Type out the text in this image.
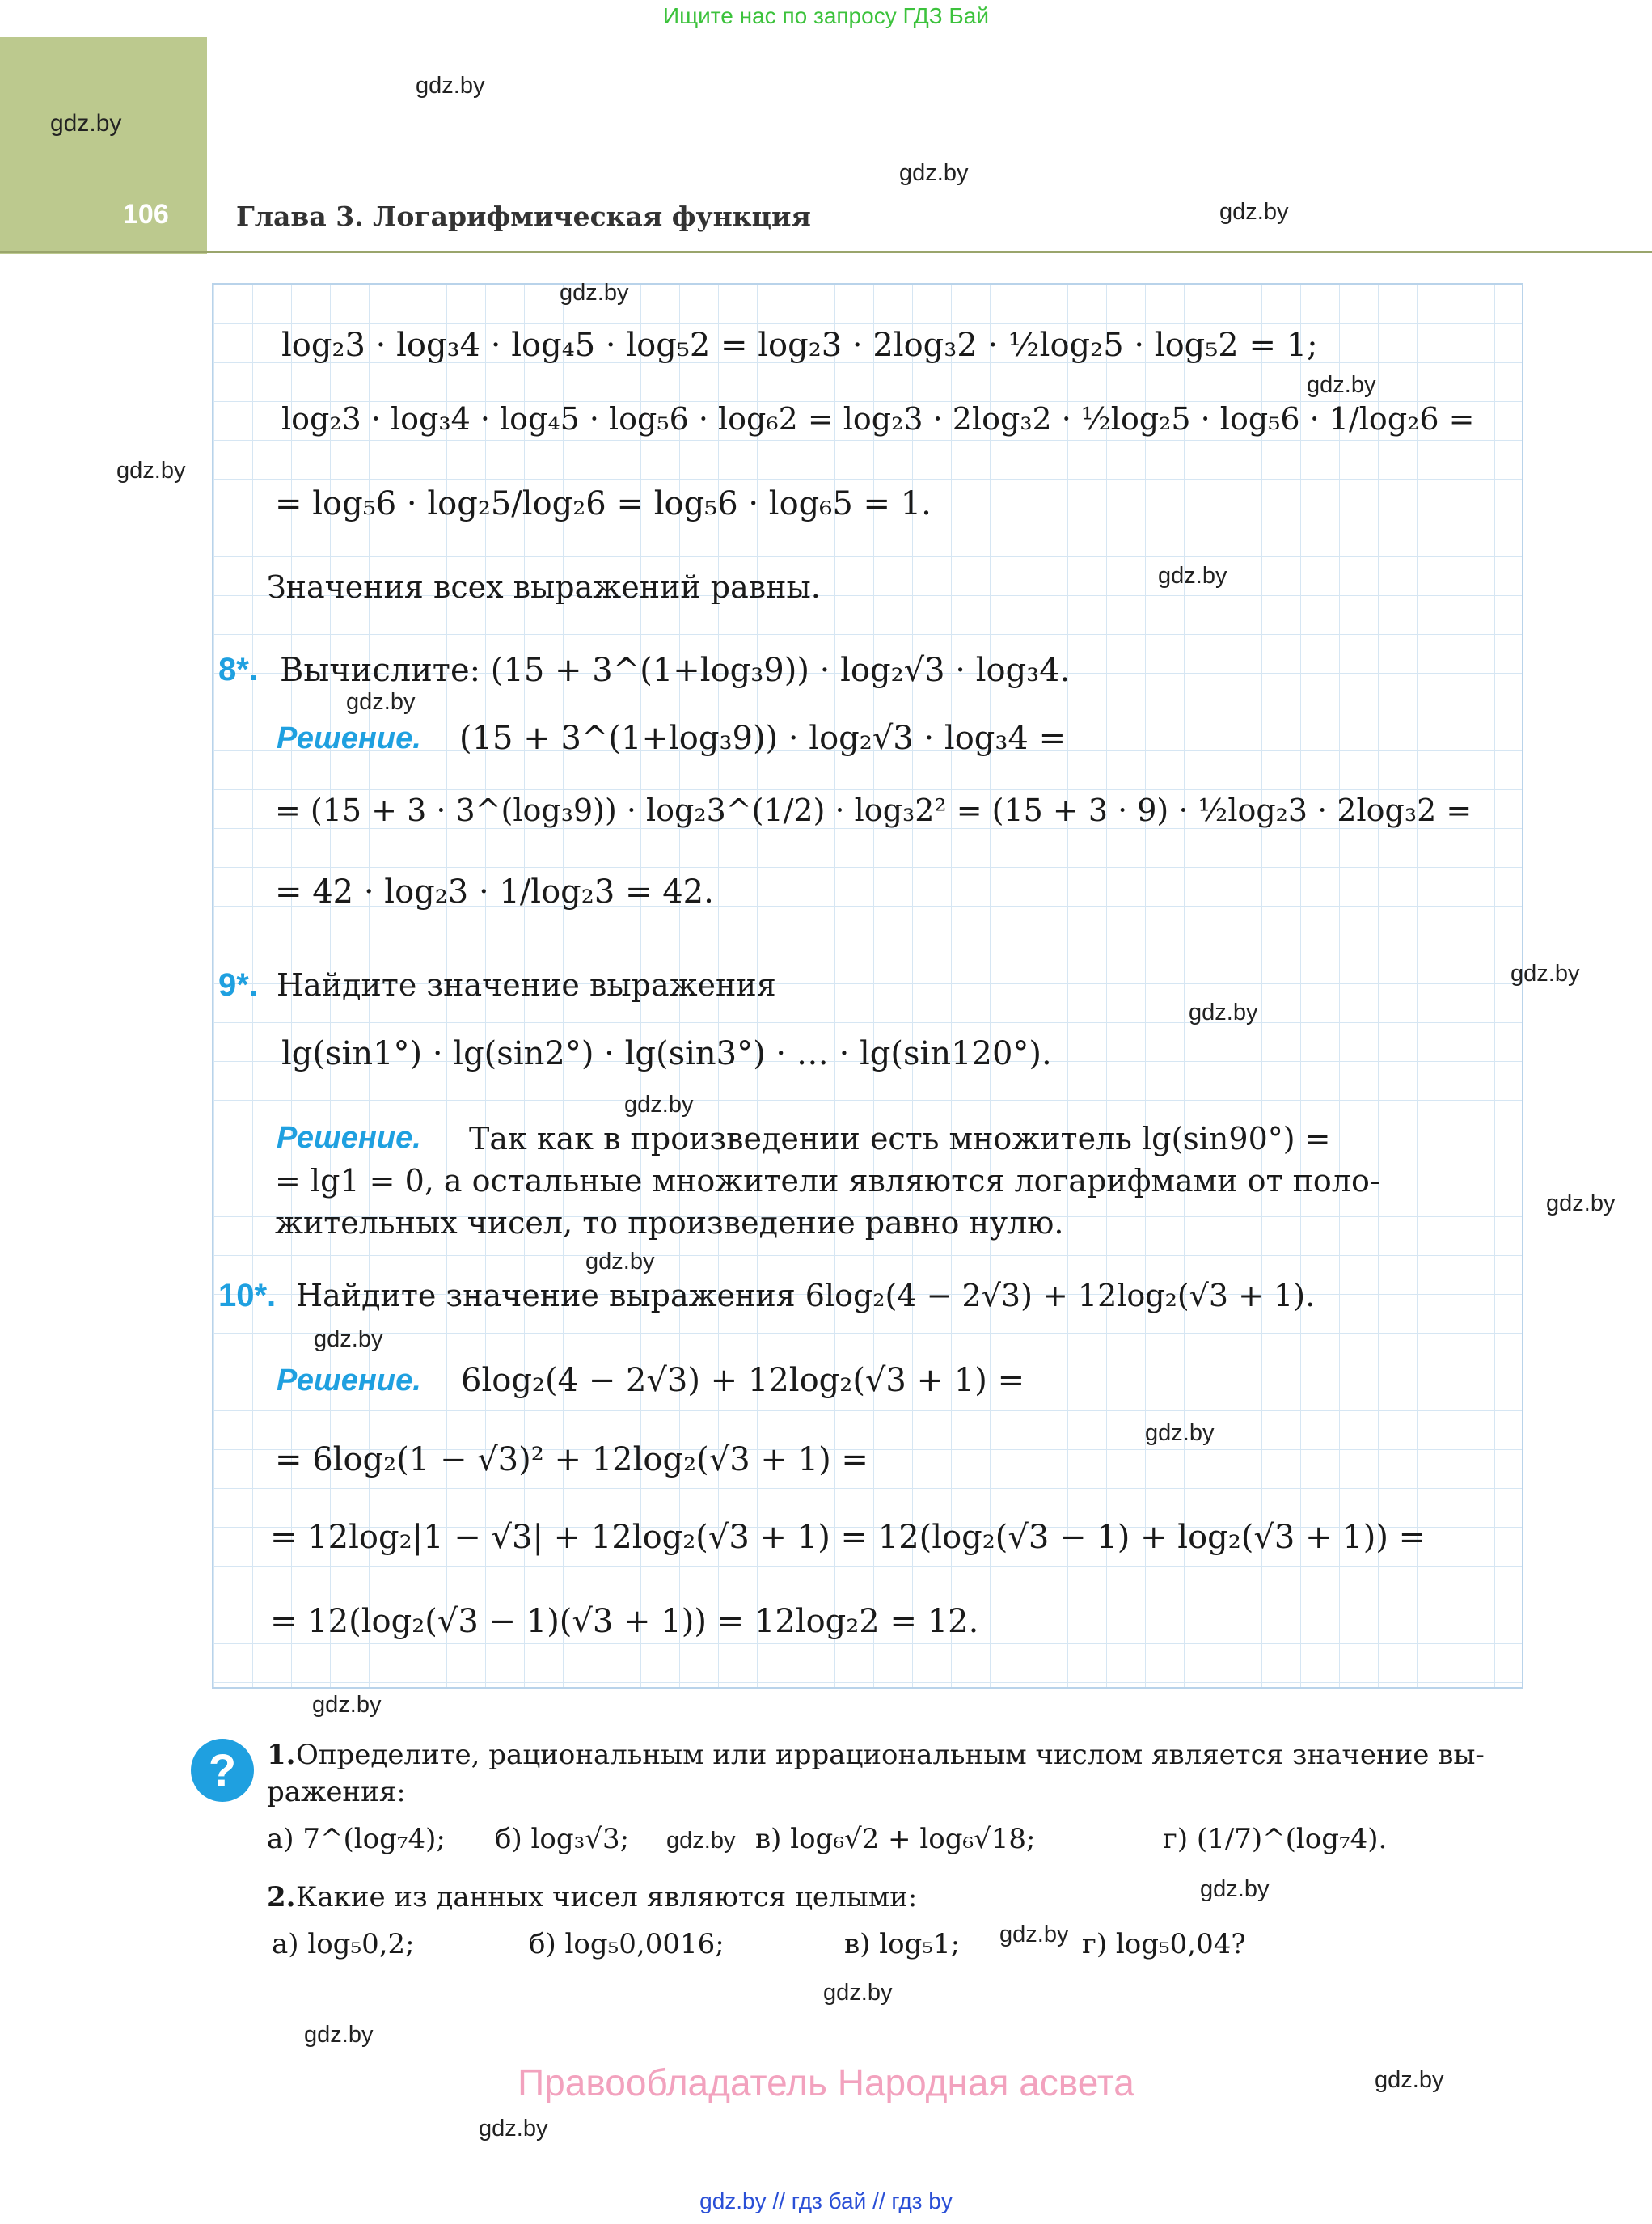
Ищите нас по запросу ГДЗ Бай
gdz.by
106	Глава 3. Логарифмическая функция
log₂3 · log₃4 · log₄5 · log₅2 = log₂3 · 2log₃2 · ½log₂5 · log₅2 = 1;
log₂3 · log₃4 · log₄5 · log₅6 · log₆2 = log₂3 · 2log₃2 · ½log₂5 · log₅6 · 1/log₂6 =
= log₅6 · log₂5/log₂6 = log₅6 · log₆5 = 1.
Значения всех выражений равны.
8*. Вычислите: (15 + 3^(1+log₃9)) · log₂√3 · log₃4.
Решение. (15 + 3^(1+log₃9)) · log₂√3 · log₃4 =
= (15 + 3 · 3^(log₃9)) · log₂3^(1/2) · log₃2² = (15 + 3 · 9) · ½log₂3 · 2log₃2 =
= 42 · log₂3 · 1/log₂3 = 42.
9*. Найдите значение выражения
lg(sin1°) · lg(sin2°) · lg(sin3°) · … · lg(sin120°).
Решение. Так как в произведении есть множитель lg(sin90°) =
= lg1 = 0, а остальные множители являются логарифмами от поло-
жительных чисел, то произведение равно нулю.
10*. Найдите значение выражения 6log₂(4 − 2√3) + 12log₂(√3 + 1).
Решение. 6log₂(4 − 2√3) + 12log₂(√3 + 1) =
= 6log₂(1 − √3)² + 12log₂(√3 + 1) =
= 12log₂|1 − √3| + 12log₂(√3 + 1) = 12(log₂(√3 − 1) + log₂(√3 + 1)) =
= 12(log₂(√3 − 1)(√3 + 1)) = 12log₂2 = 12.
?	1. Определите, рациональным или иррациональным числом является значение вы-
ражения:
а) 7^(log₇4); б) log₃√3;	в) log₆√2 + log₆√18;	г) (1/7)^(log₇4).
2. Какие из данных чисел являются целыми:
а) log₅0,2;	б) log₅0,0016;	в) log₅1;	г) log₅0,04?
gdz.by
gdz.by
gdz.by
gdz.by
gdz.by
gdz.by
gdz.by
gdz.by
gdz.by
gdz.by
gdz.by
gdz.by
gdz.by
gdz.by
gdz.by
gdz.by
gdz.by
gdz.by
gdz.by
gdz.by
gdz.by
gdz.by
gdz.by
Правообладатель Народная асвета
gdz.by // гдз бай // гдз by
